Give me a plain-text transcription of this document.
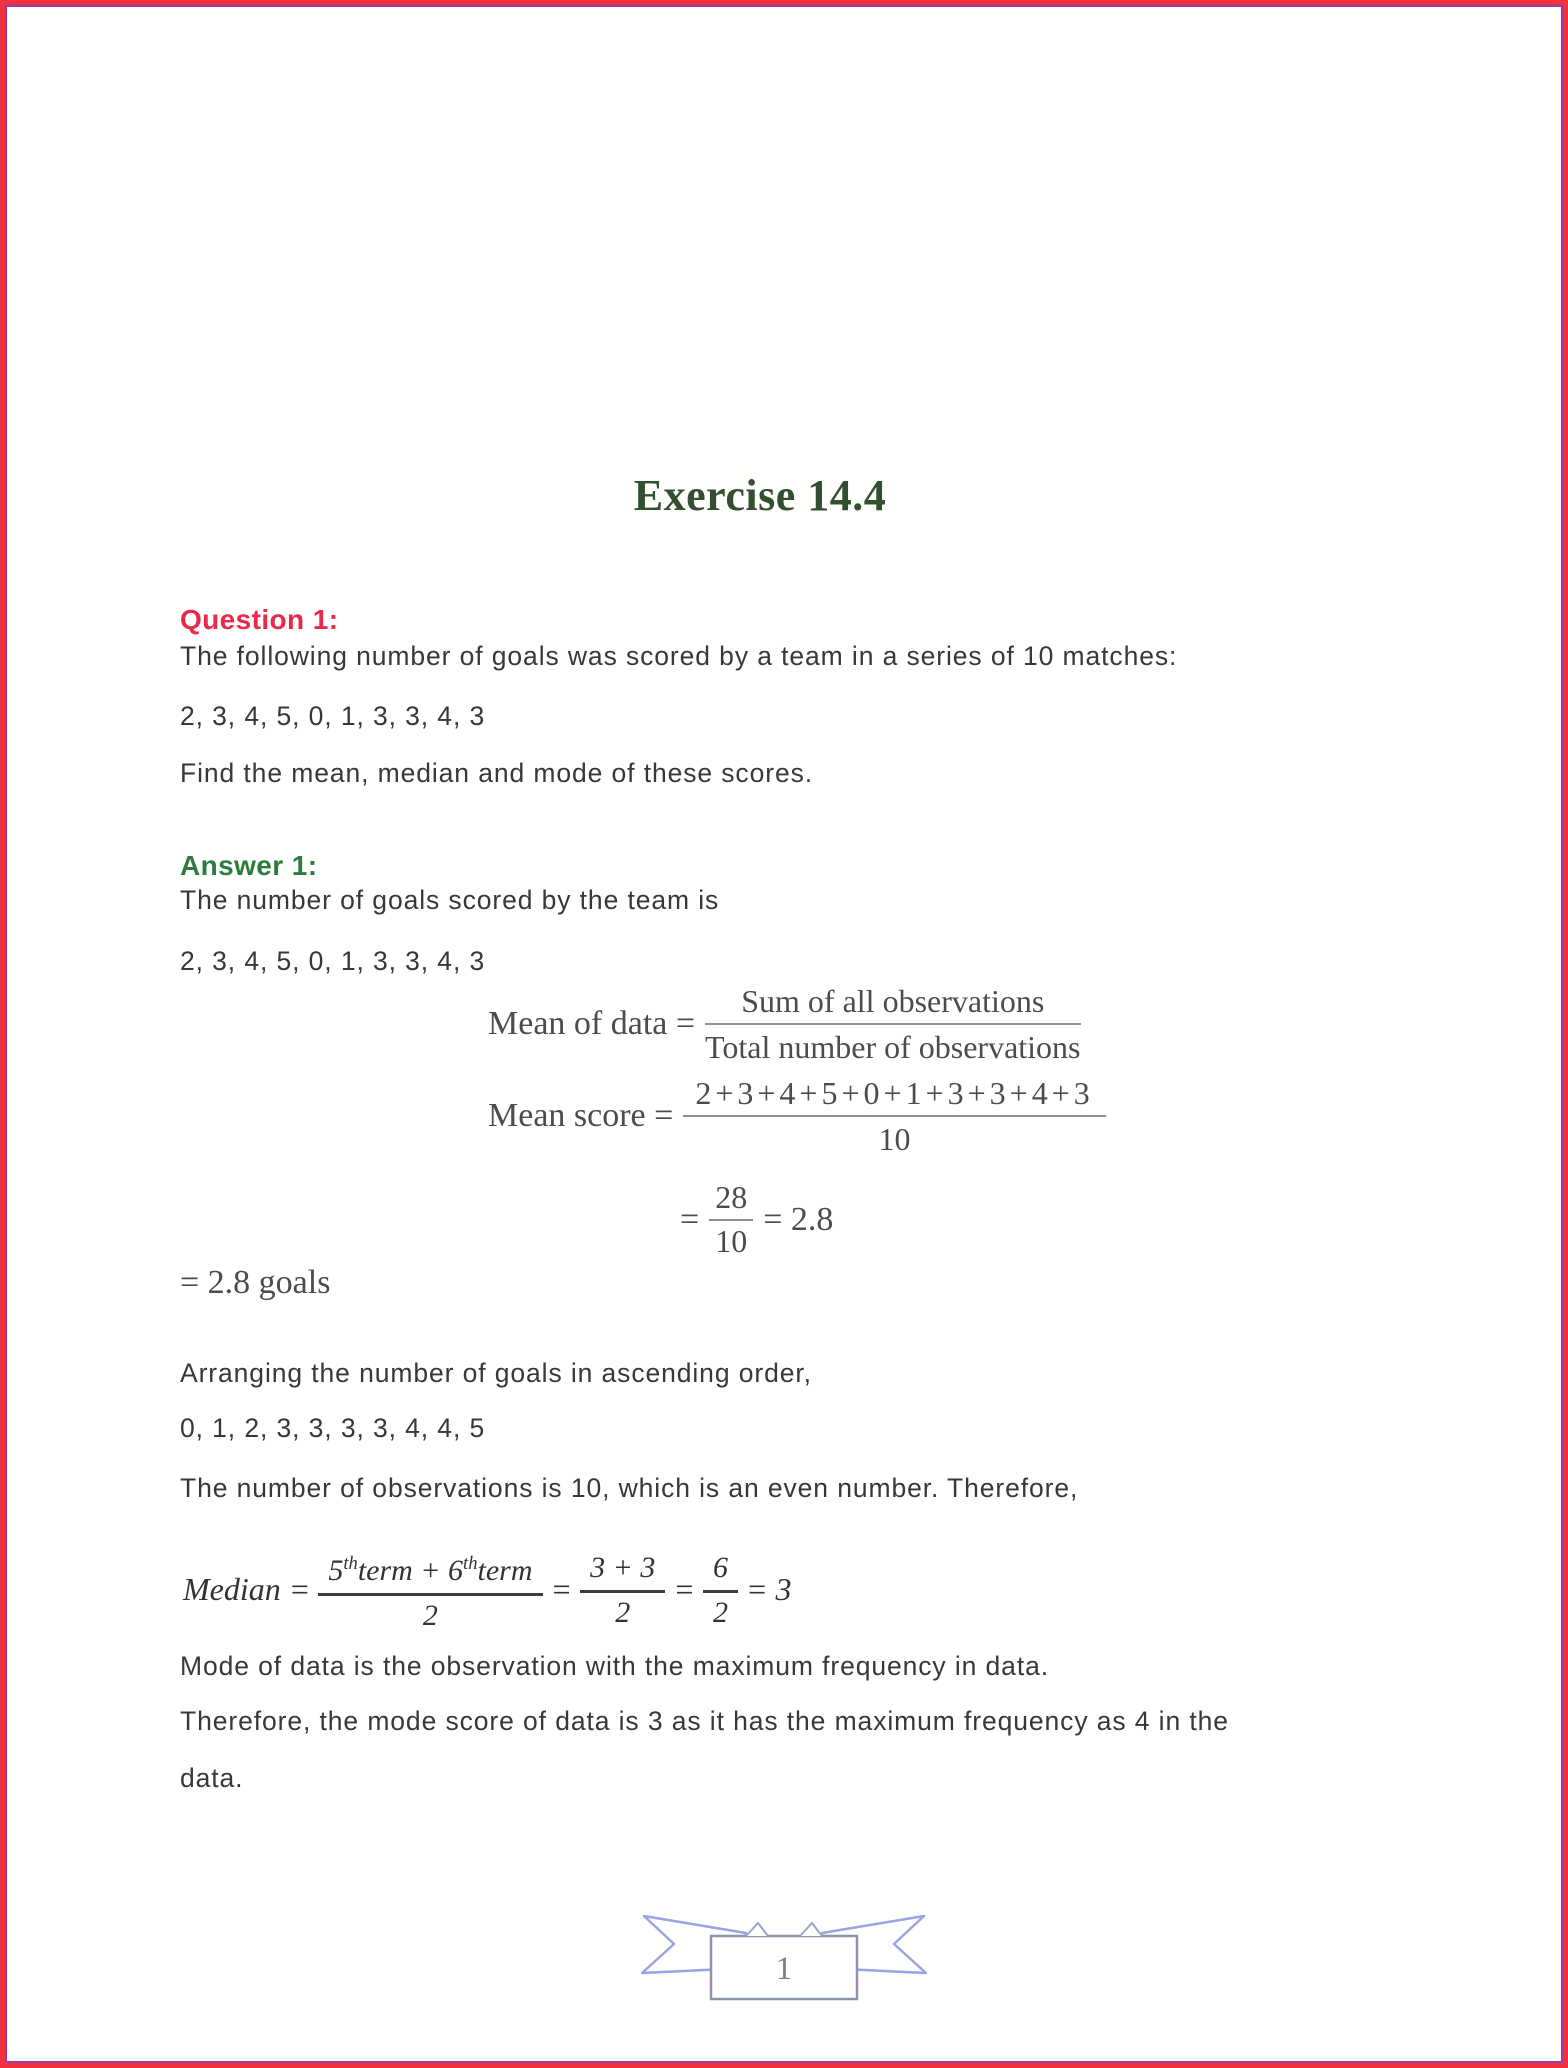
Exercise 14.4

Question 1:

The following number of goals was scored by a team in a series of 10 matches:

2, 3, 4, 5, 0, 1, 3, 3, 4, 3

Find the mean, median and mode of these scores.

Answer 1:

The number of goals scored by the team is

2, 3, 4, 5, 0, 1, 3, 3, 4, 3

Mean of data = $\frac{\text{Sum of all observations}}{\text{Total number of observations}}$
Mean score = $\frac{2+3+4+5+0+1+3+3+4+3}{10}$
= $\frac{28}{10} = 2.8$

= 2.8 goals

Arranging the number of goals in ascending order,

0, 1, 2, 3, 3, 3, 3, 4, 4, 5

The number of observations is 10, which is an even number. Therefore,

Median = $\frac{5^{th}term + 6^{th}term}{2} = \frac{3 + 3}{2} = \frac{6}{2} = 3$

Mode of data is the observation with the maximum frequency in data.

Therefore, the mode score of data is 3 as it has the maximum frequency as 4 in the

data.

1
